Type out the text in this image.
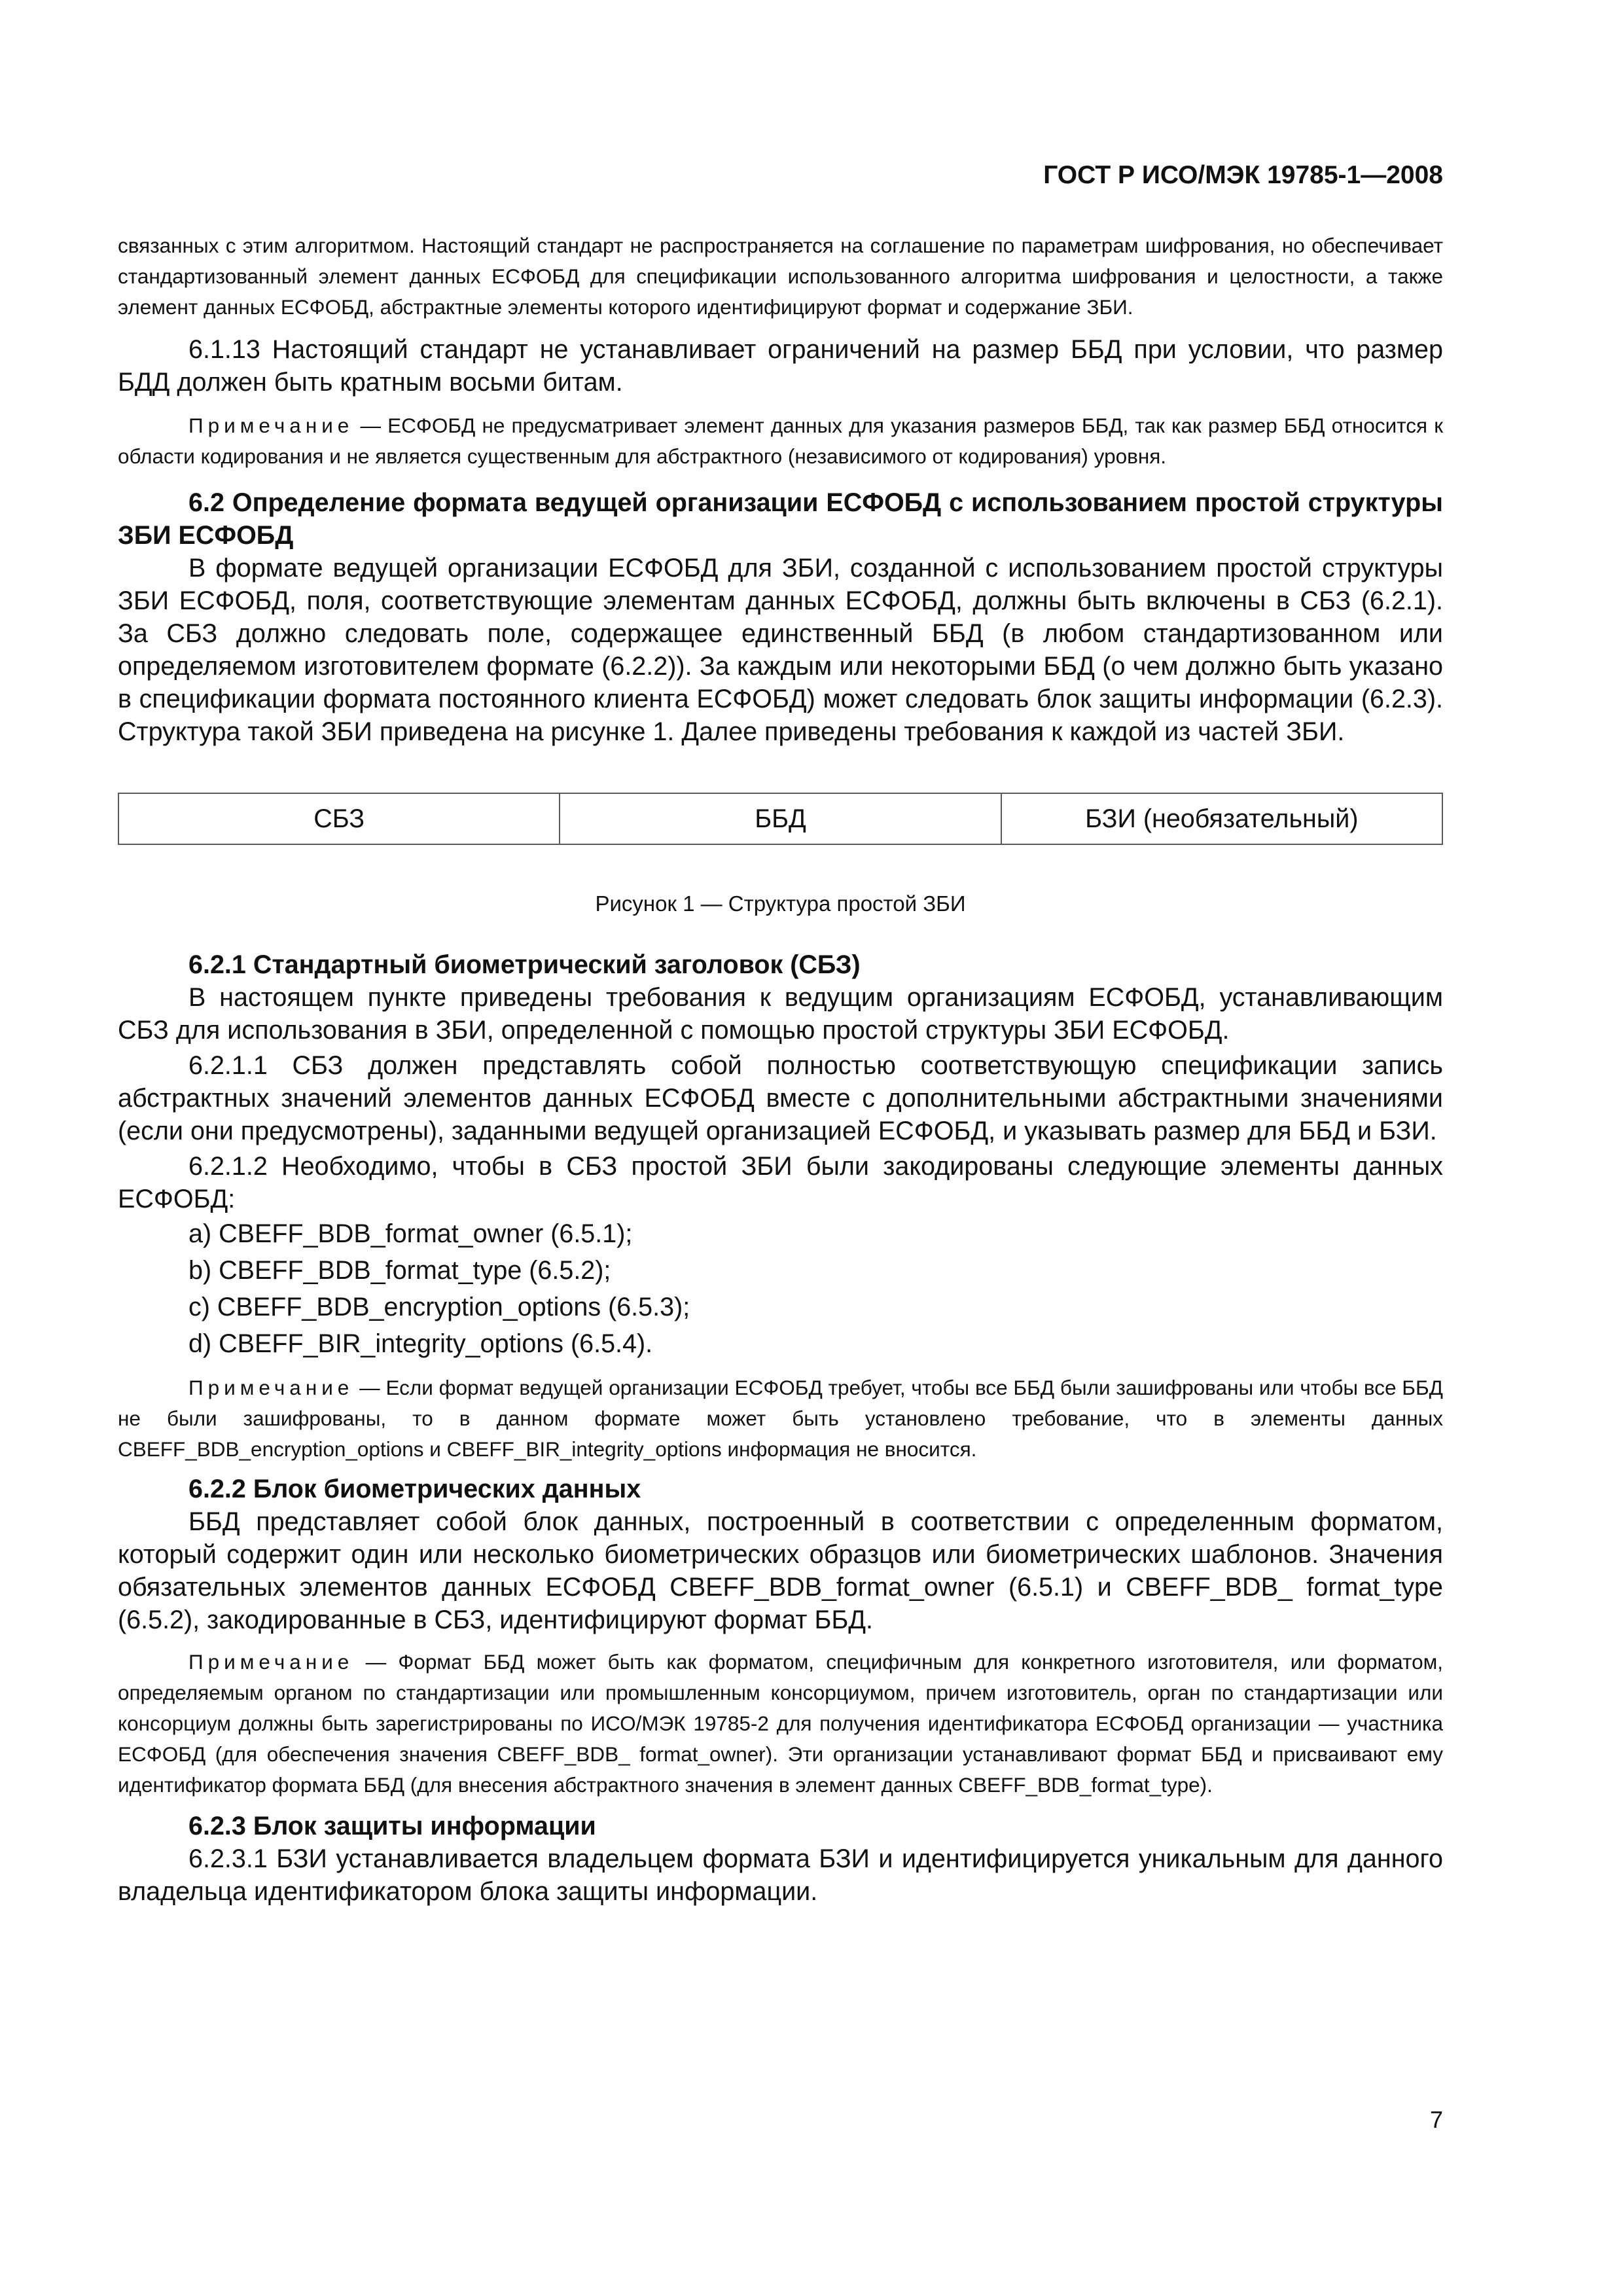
ГОСТ Р ИСО/МЭК 19785-1—2008

связанных с этим алгоритмом. Настоящий стандарт не распространяется на соглашение по параметрам шифрования, но обеспечивает стандартизованный элемент данных ЕСФОБД для спецификации использованного алгоритма шифрования и целостности, а также элемент данных ЕСФОБД, абстрактные элементы которого идентифицируют формат и содержание ЗБИ.

6.1.13 Настоящий стандарт не устанавливает ограничений на размер ББД при условии, что размер БДД должен быть кратным восьми битам.

Примечание — ЕСФОБД не предусматривает элемент данных для указания размеров ББД, так как размер ББД относится к области кодирования и не является существенным для абстрактного (независимого от кодирования) уровня.

6.2 Определение формата ведущей организации ЕСФОБД с использованием простой структуры ЗБИ ЕСФОБД

В формате ведущей организации ЕСФОБД для ЗБИ, созданной с использованием простой структуры ЗБИ ЕСФОБД, поля, соответствующие элементам данных ЕСФОБД, должны быть включены в СБЗ (6.2.1). За СБЗ должно следовать поле, содержащее единственный ББД (в любом стандартизованном или определяемом изготовителем формате (6.2.2)). За каждым или некоторыми ББД (о чем должно быть указано в спецификации формата постоянного клиента ЕСФОБД) может следовать блок защиты информации (6.2.3). Структура такой ЗБИ приведена на рисунке 1. Далее приведены требования к каждой из частей ЗБИ.

СБЗ	ББД	БЗИ (необязательный)

Рисунок 1 — Структура простой ЗБИ

6.2.1 Стандартный биометрический заголовок (СБЗ)

В настоящем пункте приведены требования к ведущим организациям ЕСФОБД, устанавливающим СБЗ для использования в ЗБИ, определенной с помощью простой структуры ЗБИ ЕСФОБД.

6.2.1.1 СБЗ должен представлять собой полностью соответствующую спецификации запись абстрактных значений элементов данных ЕСФОБД вместе с дополнительными абстрактными значениями (если они предусмотрены), заданными ведущей организацией ЕСФОБД, и указывать размер для ББД и БЗИ.

6.2.1.2 Необходимо, чтобы в СБЗ простой ЗБИ были закодированы следующие элементы данных ЕСФОБД:

a) CBEFF_BDB_format_owner (6.5.1);

b) CBEFF_BDB_format_type (6.5.2);

c) CBEFF_BDB_encryption_options (6.5.3);

d) CBEFF_BIR_integrity_options (6.5.4).

Примечание — Если формат ведущей организации ЕСФОБД требует, чтобы все ББД были зашифрованы или чтобы все ББД не были зашифрованы, то в данном формате может быть установлено требование, что в элементы данных CBEFF_BDB_encryption_options и CBEFF_BIR_integrity_options информация не вносится.

6.2.2 Блок биометрических данных

ББД представляет собой блок данных, построенный в соответствии с определенным форматом, который содержит один или несколько биометрических образцов или биометрических шаблонов. Значения обязательных элементов данных ЕСФОБД CBEFF_BDB_format_owner (6.5.1) и CBEFF_BDB_ format_type (6.5.2), закодированные в СБЗ, идентифицируют формат ББД.

Примечание — Формат ББД может быть как форматом, специфичным для конкретного изготовителя, или форматом, определяемым органом по стандартизации или промышленным консорциумом, причем изготовитель, орган по стандартизации или консорциум должны быть зарегистрированы по ИСО/МЭК 19785-2 для получения идентификатора ЕСФОБД организации — участника ЕСФОБД (для обеспечения значения CBEFF_BDB_ format_owner). Эти организации устанавливают формат ББД и присваивают ему идентификатор формата ББД (для внесения абстрактного значения в элемент данных CBEFF_BDB_format_type).

6.2.3 Блок защиты информации

6.2.3.1 БЗИ устанавливается владельцем формата БЗИ и идентифицируется уникальным для данного владельца идентификатором блока защиты информации.

7
